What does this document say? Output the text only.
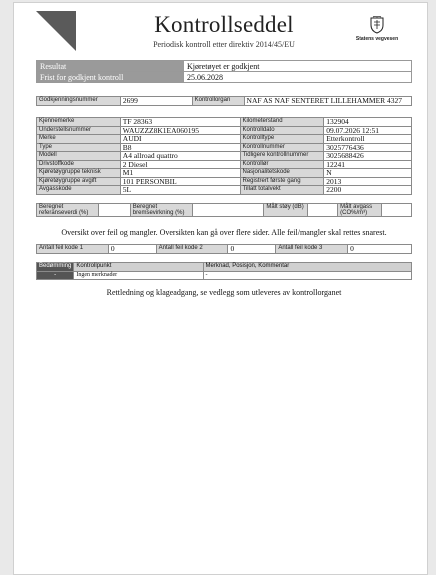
Kontrollseddel
Periodisk kontroll etter direktiv 2014/45/EU
Statens vegvesen
Resultat	Kjøretøyet er godkjent
Frist for godkjent kontroll	25.06.2028
Godkjenningsnummer	2699	Kontrollorgan	NAF AS NAF SENTERET LILLEHAMMER 4327
Kjennemerke	TF 28363	Kilometerstand	132904
Understellsnummer	WAUZZZ8K1EA060195	Kontrolldato	09.07.2026 12:51
Merke	AUDI	Kontrolltype	Etterkontroll
Type	B8	Kontrollnummer	3025776436
Modell	A4 allroad quattro	Tidligere kontrollnummer	3025688426
Drivstoffkode	2 Diesel	Kontrollør	12241
Kjøretøygruppe teknisk	M1	Nasjonalitetskode	N
Kjøretøygruppe avgift	101 PERSONBIL	Registrert første gang	2013
Avgasskode	5L	Tillatt totalvekt	2200
Beregnet referanseverdi (%)		Beregnet bremsevirkning (%)		Målt støy (dB)		Målt avgass (CO%/m³)	
Oversikt over feil og mangler. Oversikten kan gå over flere sider. Alle feil/mangler skal rettes snarest.
Antall feil kode 1	0	Antall feil kode 2	0	Antall feil kode 3	0
Bedømming	Kontrollpunkt	Merknad, Posisjon, Kommentar
-	Ingen merknader	-
Rettledning og klageadgang, se vedlegg som utleveres av kontrollorganet
